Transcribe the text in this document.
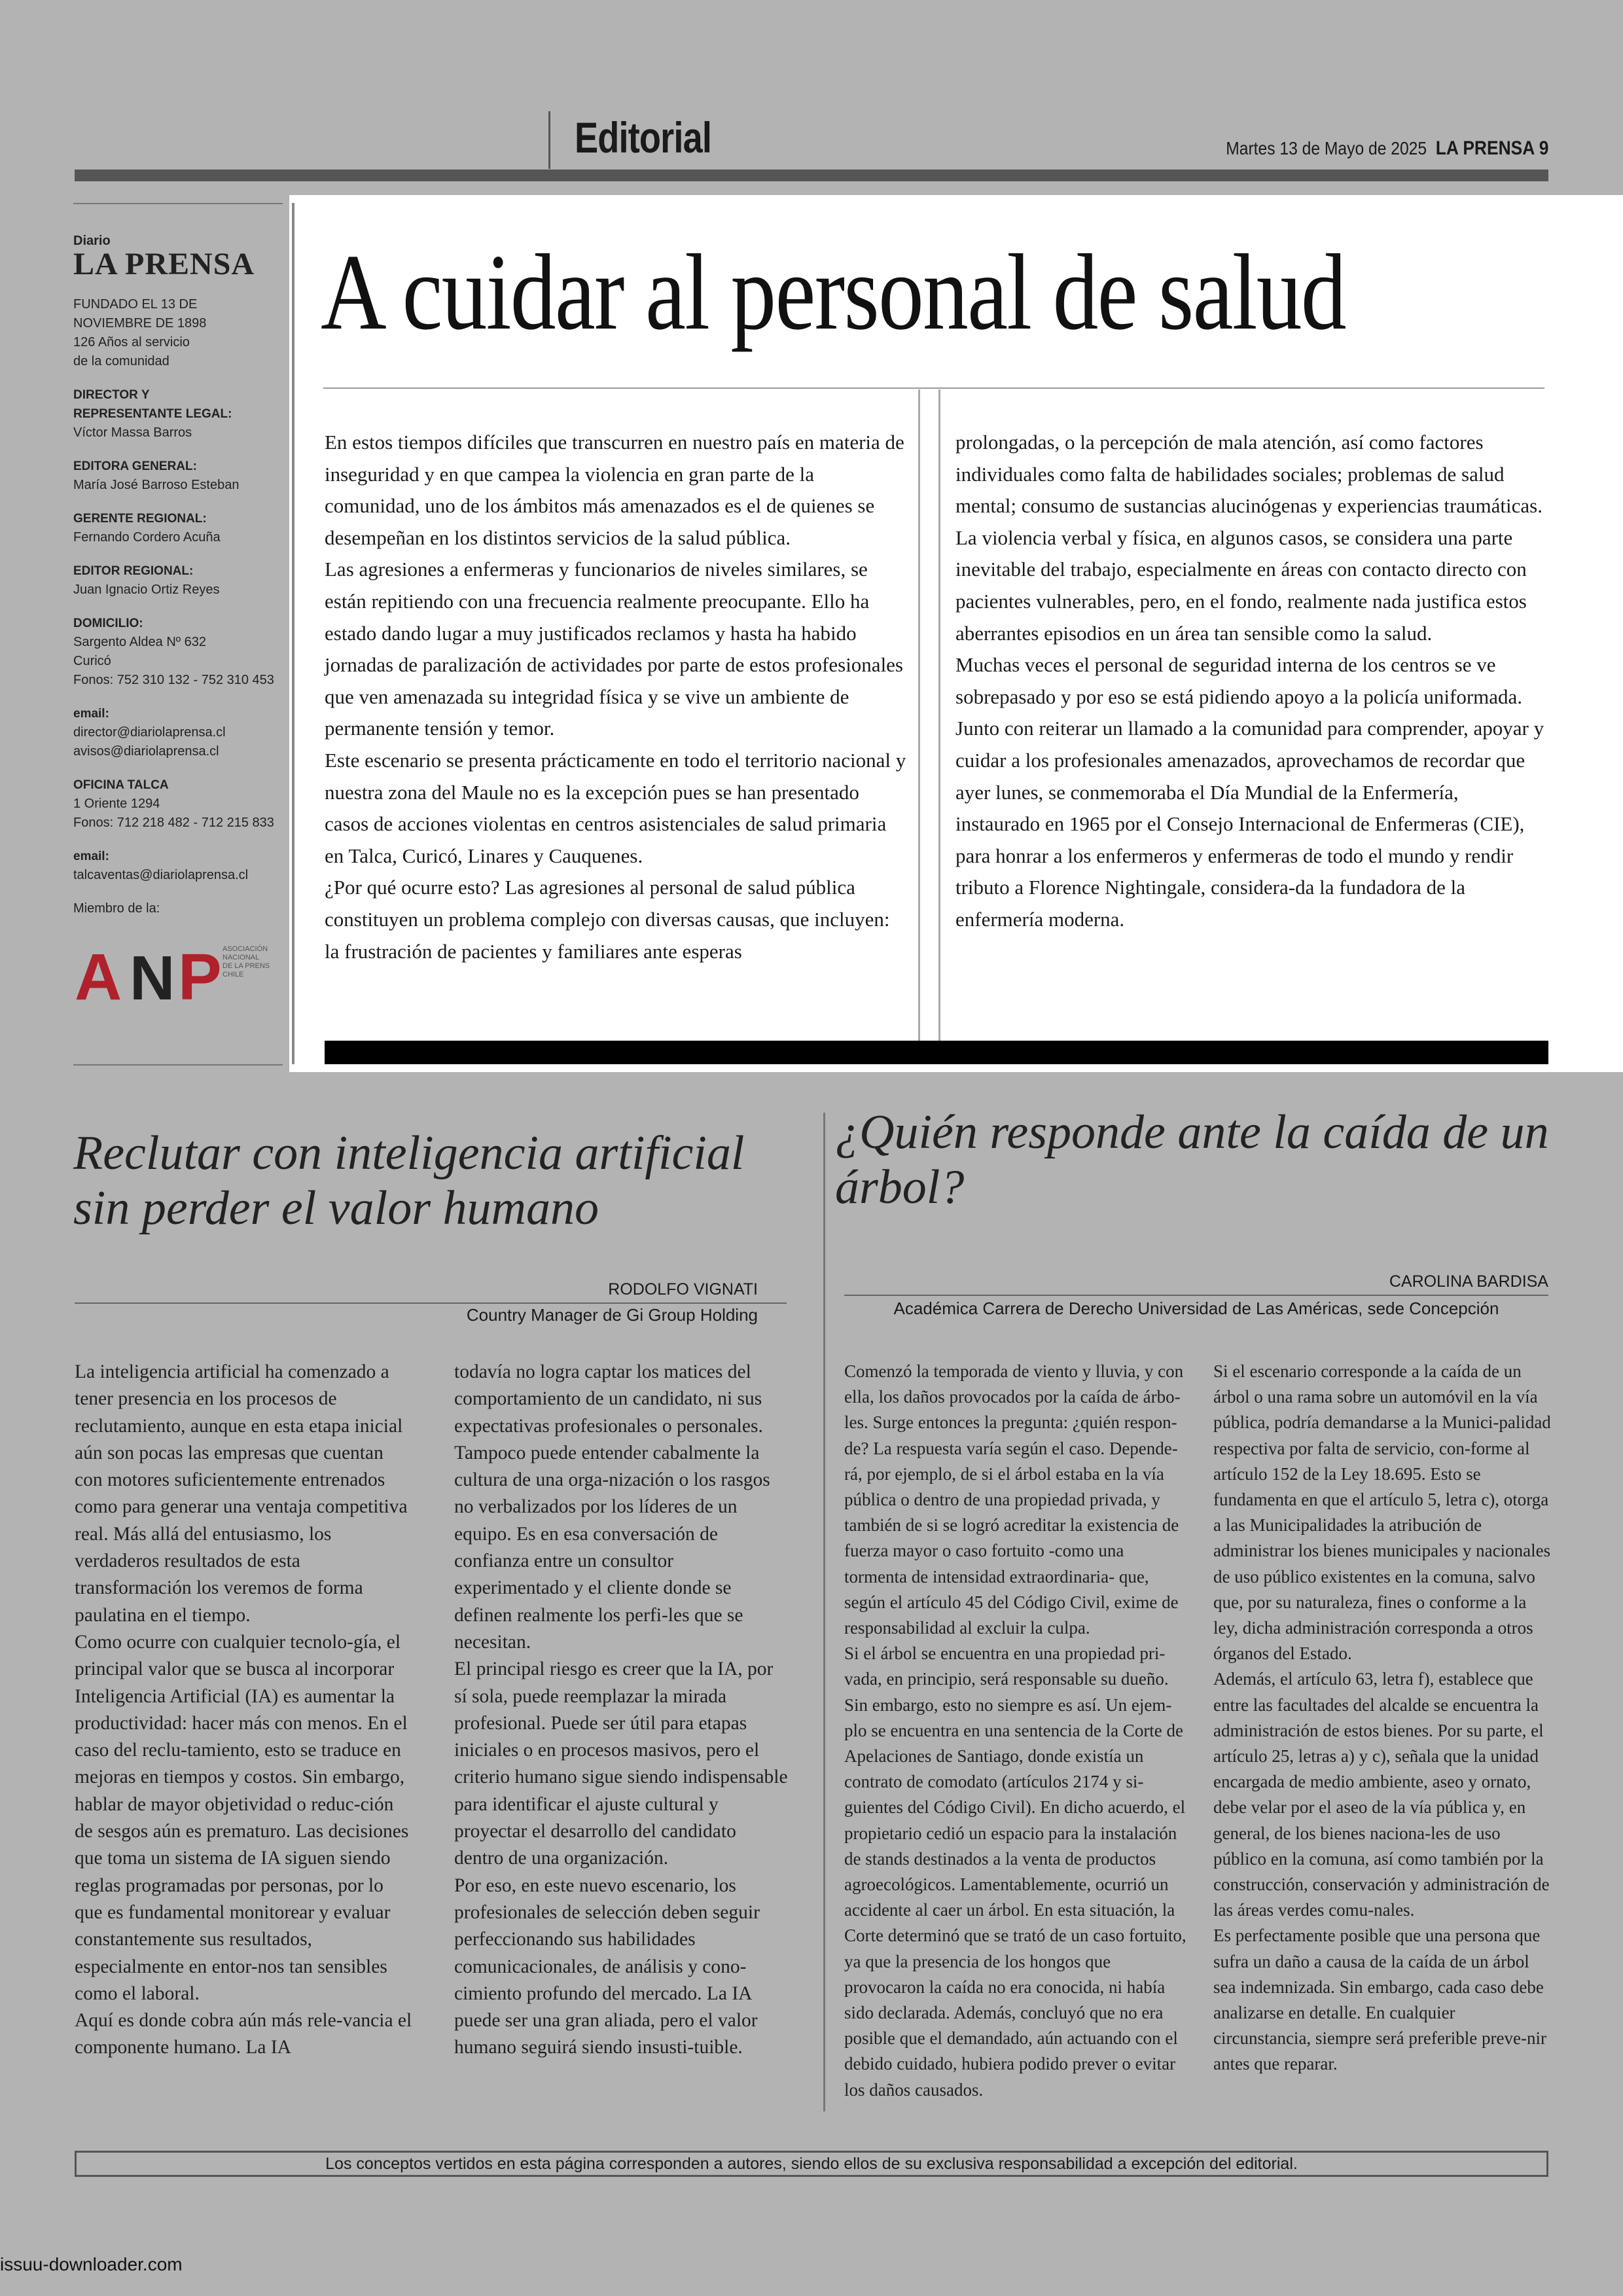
Editorial	Martes 13 de Mayo de 2025 LA PRENSA 9
Diario
LA PRENSA
FUNDADO EL 13 DE
NOVIEMBRE DE 1898
126 Años al servicio
de la comunidad
DIRECTOR Y
REPRESENTANTE LEGAL:
Víctor Massa Barros
EDITORA GENERAL:
María José Barroso Esteban
GERENTE REGIONAL:
Fernando Cordero Acuña
EDITOR REGIONAL:
Juan Ignacio Ortiz Reyes
DOMICILIO:
Sargento Aldea Nº 632
Curicó
Fonos: 752 310 132 - 752 310 453
email:
director@diariolaprensa.cl
avisos@diariolaprensa.cl
OFICINA TALCA
1 Oriente 1294
Fonos: 712 218 482 - 712 215 833
email:
talcaventas@diariolaprensa.cl
Miembro de la:
A N P ASOCIACIÓN
NACIONAL
DE LA PRENSA
CHILE
A cuidar al personal de salud

En estos tiempos difíciles que transcurren en nuestro país en materia de inseguridad y en que campea la violencia en gran parte de la comunidad, uno de los ámbitos más amenazados es el de quienes se desempeñan en los distintos servicios de la salud pública.

Las agresiones a enfermeras y funcionarios de niveles similares, se están repitiendo con una frecuencia realmente preocupante. Ello ha estado dando lugar a muy justificados reclamos y hasta ha habido jornadas de paralización de actividades por parte de estos profesionales que ven amenazada su integridad física y se vive un ambiente de permanente tensión y temor.

Este escenario se presenta prácticamente en todo el territorio nacional y nuestra zona del Maule no es la excepción pues se han presentado casos de acciones violentas en centros asistenciales de salud primaria en Talca, Curicó, Linares y Cauquenes.

¿Por qué ocurre esto? Las agresiones al personal de salud pública constituyen un problema complejo con diversas causas, que incluyen: la frustración de pacientes y familiares ante esperas

prolongadas, o la percepción de mala atención, así como factores individuales como falta de habilidades sociales; problemas de salud mental; consumo de sustancias alucinógenas y experiencias traumáticas.

La violencia verbal y física, en algunos casos, se considera una parte inevitable del trabajo, especialmente en áreas con contacto directo con pacientes vulnerables, pero, en el fondo, realmente nada justifica estos aberrantes episodios en un área tan sensible como la salud.

Muchas veces el personal de seguridad interna de los centros se ve sobrepasado y por eso se está pidiendo apoyo a la policía uniformada.

Junto con reiterar un llamado a la comunidad para comprender, apoyar y cuidar a los profesionales amenazados, aprovechamos de recordar que ayer lunes, se conmemoraba el Día Mundial de la Enfermería, instaurado en 1965 por el Consejo Internacional de Enfermeras (CIE), para honrar a los enfermeros y enfermeras de todo el mundo y rendir tributo a Florence Nightingale, considera-da la fundadora de la enfermería moderna.

Reclutar con inteligencia artificial sin perder el valor humano
RODOLFO VIGNATI
Country Manager de Gi Group Holding

La inteligencia artificial ha comenzado a tener presencia en los procesos de reclutamiento, aunque en esta etapa inicial aún son pocas las empresas que cuentan con motores suficientemente entrenados como para generar una ventaja competitiva real. Más allá del entusiasmo, los verdaderos resultados de esta transformación los veremos de forma paulatina en el tiempo.

Como ocurre con cualquier tecnolo-gía, el principal valor que se busca al incorporar Inteligencia Artificial (IA) es aumentar la productividad: hacer más con menos. En el caso del reclu-tamiento, esto se traduce en mejoras en tiempos y costos. Sin embargo, hablar de mayor objetividad o reduc-ción de sesgos aún es prematuro. Las decisiones que toma un sistema de IA siguen siendo reglas programadas por personas, por lo que es fundamental monitorear y evaluar constantemente sus resultados, especialmente en entor-nos tan sensibles como el laboral.

Aquí es donde cobra aún más rele-vancia el componente humano. La IA

todavía no logra captar los matices del comportamiento de un candidato, ni sus expectativas profesionales o personales. Tampoco puede entender cabalmente la cultura de una orga-nización o los rasgos no verbalizados por los líderes de un equipo. Es en esa conversación de confianza entre un consultor experimentado y el cliente donde se definen realmente los perfi-les que se necesitan.

El principal riesgo es creer que la IA, por sí sola, puede reemplazar la mirada profesional. Puede ser útil para etapas iniciales o en procesos masivos, pero el criterio humano sigue siendo indispensable para identificar el ajuste cultural y proyectar el desarrollo del candidato dentro de una organización.

Por eso, en este nuevo escenario, los profesionales de selección deben seguir perfeccionando sus habilidades comunicacionales, de análisis y cono-cimiento profundo del mercado. La IA puede ser una gran aliada, pero el valor humano seguirá siendo insusti-tuible.

¿Quién responde ante la caída de un árbol?
CAROLINA BARDISA
Académica Carrera de Derecho Universidad de Las Américas, sede Concepción

Comenzó la temporada de viento y lluvia, y con ella, los daños provocados por la caída de árbo-les. Surge entonces la pregunta: ¿quién respon-de? La respuesta varía según el caso. Depende-rá, por ejemplo, de si el árbol estaba en la vía pública o dentro de una propiedad privada, y también de si se logró acreditar la existencia de fuerza mayor o caso fortuito -como una tormenta de intensidad extraordinaria- que, según el artículo 45 del Código Civil, exime de responsabilidad al excluir la culpa.

Si el árbol se encuentra en una propiedad pri-vada, en principio, será responsable su dueño. Sin embargo, esto no siempre es así. Un ejem-plo se encuentra en una sentencia de la Corte de Apelaciones de Santiago, donde existía un contrato de comodato (artículos 2174 y si-guientes del Código Civil). En dicho acuerdo, el propietario cedió un espacio para la instalación de stands destinados a la venta de productos agroecológicos. Lamentablemente, ocurrió un accidente al caer un árbol. En esta situación, la Corte determinó que se trató de un caso fortuito, ya que la presencia de los hongos que provocaron la caída no era conocida, ni había sido declarada. Además, concluyó que no era posible que el demandado, aún actuando con el debido cuidado, hubiera podido prever o evitar los daños causados.

Si el escenario corresponde a la caída de un árbol o una rama sobre un automóvil en la vía pública, podría demandarse a la Munici-palidad respectiva por falta de servicio, con-forme al artículo 152 de la Ley 18.695. Esto se fundamenta en que el artículo 5, letra c), otorga a las Municipalidades la atribución de administrar los bienes municipales y nacionales de uso público existentes en la comuna, salvo que, por su naturaleza, fines o conforme a la ley, dicha administración corresponda a otros órganos del Estado.

Además, el artículo 63, letra f), establece que entre las facultades del alcalde se encuentra la administración de estos bienes. Por su parte, el artículo 25, letras a) y c), señala que la unidad encargada de medio ambiente, aseo y ornato, debe velar por el aseo de la vía pública y, en general, de los bienes naciona-les de uso público en la comuna, así como también por la construcción, conservación y administración de las áreas verdes comu-nales.

Es perfectamente posible que una persona que sufra un daño a causa de la caída de un árbol sea indemnizada. Sin embargo, cada caso debe analizarse en detalle. En cualquier circunstancia, siempre será preferible preve-nir antes que reparar.

Los conceptos vertidos en esta página corresponden a autores, siendo ellos de su exclusiva responsabilidad a excepción del editorial.
issuu-downloader.com
